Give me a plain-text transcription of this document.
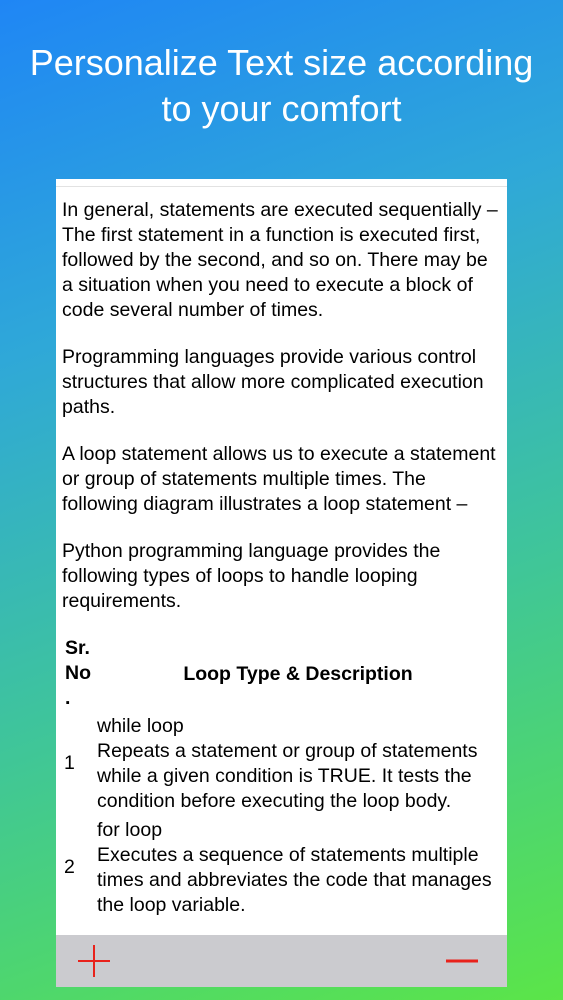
Personalize Text size according
to your comfort

In general, statements are executed sequentially – The first statement in a function is executed first, followed by the second, and so on. There may be a situation when you need to execute a block of code several number of times.

Programming languages provide various control structures that allow more complicated execution paths.

A loop statement allows us to execute a statement or group of statements multiple times. The following diagram illustrates a loop statement –

Python programming language provides the following types of loops to handle looping requirements.

Sr.
No
.
Loop Type & Description
1
while loop
Repeats a statement or group of statements while a given condition is TRUE. It tests the condition before executing the loop body.
2
for loop
Executes a sequence of statements multiple times and abbreviates the code that manages the loop variable.
